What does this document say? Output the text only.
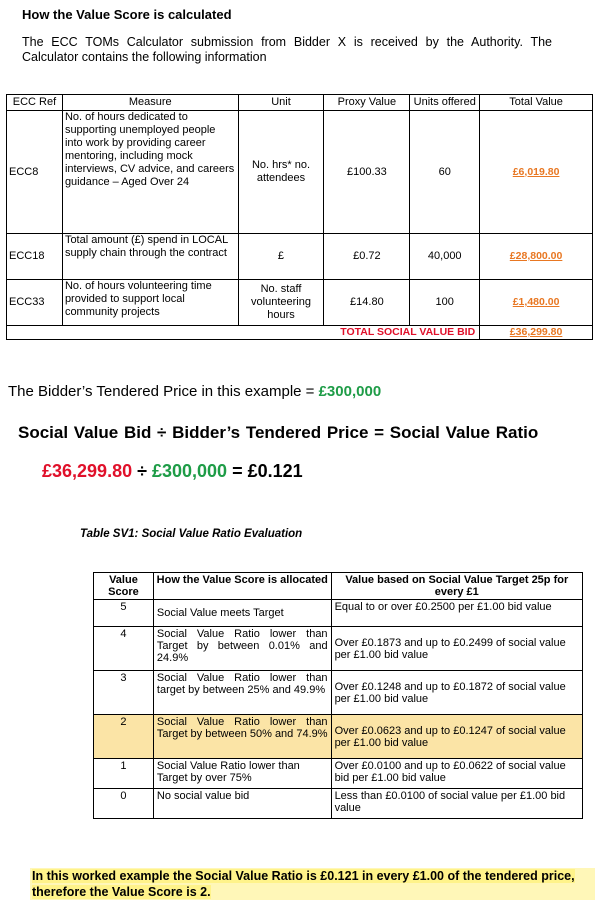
How the Value Score is calculated
The ECC TOMs Calculator submission from Bidder X is received by the Authority. The Calculator contains the following information
ECC Ref	Measure	Unit	Proxy Value	Units offered	Total Value
ECC8	No. of hours dedicated to supporting unemployed people into work by providing career mentoring, including mock interviews, CV advice, and careers guidance – Aged Over 24	No. hrs* no. attendees	£100.33	60	£6,019.80
ECC18	Total amount (£) spend in LOCAL supply chain through the contract	£	£0.72	40,000	£28,800.00
ECC33	No. of hours volunteering time provided to support local community projects	No. staff volunteering hours	£14.80	100	£1,480.00
TOTAL SOCIAL VALUE BID					£36,299.80
The Bidder’s Tendered Price in this example = £300,000
Social Value Bid ÷ Bidder’s Tendered Price = Social Value Ratio
£36,299.80 ÷ £300,000 = £0.121
Table SV1: Social Value Ratio Evaluation
Value Score	How the Value Score is allocated	Value based on Social Value Target 25p for every £1
5	Social Value meets Target	Equal to or over £0.2500 per £1.00 bid value
4	Social Value Ratio lower than Target by between 0.01% and 24.9%	Over £0.1873 and up to £0.2499 of social value per £1.00 bid value
3	Social Value Ratio lower than target by between 25% and 49.9%	Over £0.1248 and up to £0.1872 of social value per £1.00 bid value
2	Social Value Ratio lower than Target by between 50% and 74.9%	Over £0.0623 and up to £0.1247 of social value per £1.00 bid value
1	Social Value Ratio lower than Target by over 75%	Over £0.0100 and up to £0.0622 of social value bid per £1.00 bid value
0	No social value bid	Less than £0.0100 of social value per £1.00 bid value
In this worked example the Social Value Ratio is £0.121 in every £1.00 of the tendered price, therefore the Value Score is 2.
